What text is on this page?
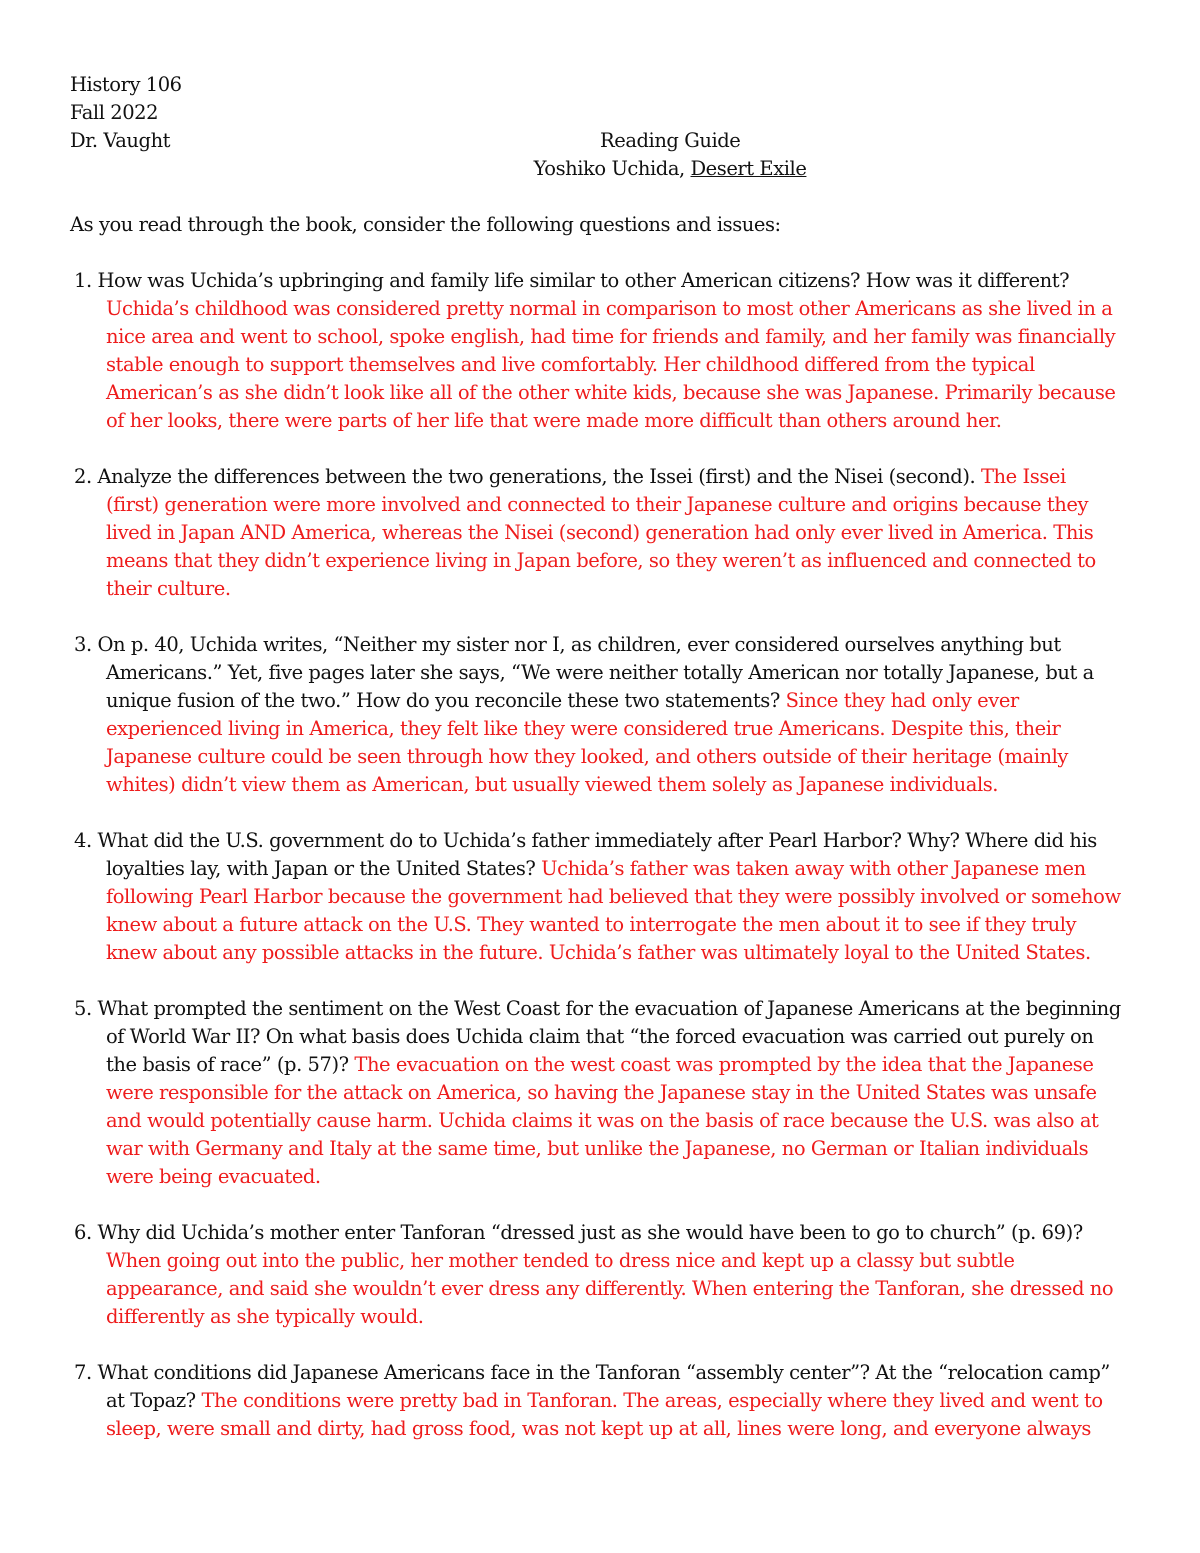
History 106
Fall 2022
Dr. Vaught	Reading Guide
Yoshiko Uchida, Desert Exile
As you read through the book, consider the following questions and issues:
1. How was Uchida’s upbringing and family life similar to other American citizens? How was it different? Uchida’s childhood was considered pretty normal in comparison to most other Americans as she lived in a nice area and went to school, spoke english, had time for friends and family, and her family was financially stable enough to support themselves and live comfortably. Her childhood differed from the typical American’s as she didn’t look like all of the other white kids, because she was Japanese. Primarily because of her looks, there were parts of her life that were made more difficult than others around her.
2. Analyze the differences between the two generations, the Issei (first) and the Nisei (second). The Issei (first) generation were more involved and connected to their Japanese culture and origins because they lived in Japan AND America, whereas the Nisei (second) generation had only ever lived in America. This means that they didn’t experience living in Japan before, so they weren’t as influenced and connected to their culture.
3. On p. 40, Uchida writes, “Neither my sister nor I, as children, ever considered ourselves anything but Americans.” Yet, five pages later she says, “We were neither totally American nor totally Japanese, but a unique fusion of the two.” How do you reconcile these two statements? Since they had only ever experienced living in America, they felt like they were considered true Americans. Despite this, their Japanese culture could be seen through how they looked, and others outside of their heritage (mainly whites) didn’t view them as American, but usually viewed them solely as Japanese individuals.
4. What did the U.S. government do to Uchida’s father immediately after Pearl Harbor? Why? Where did his loyalties lay, with Japan or the United States? Uchida’s father was taken away with other Japanese men following Pearl Harbor because the government had believed that they were possibly involved or somehow knew about a future attack on the U.S. They wanted to interrogate the men about it to see if they truly knew about any possible attacks in the future. Uchida’s father was ultimately loyal to the United States.
5. What prompted the sentiment on the West Coast for the evacuation of Japanese Americans at the beginning of World War II? On what basis does Uchida claim that “the forced evacuation was carried out purely on the basis of race” (p. 57)? The evacuation on the west coast was prompted by the idea that the Japanese were responsible for the attack on America, so having the Japanese stay in the United States was unsafe and would potentially cause harm. Uchida claims it was on the basis of race because the U.S. was also at war with Germany and Italy at the same time, but unlike the Japanese, no German or Italian individuals were being evacuated.
6. Why did Uchida’s mother enter Tanforan “dressed just as she would have been to go to church” (p. 69)? When going out into the public, her mother tended to dress nice and kept up a classy but subtle appearance, and said she wouldn’t ever dress any differently. When entering the Tanforan, she dressed no differently as she typically would.
7. What conditions did Japanese Americans face in the Tanforan “assembly center”? At the “relocation camp” at Topaz? The conditions were pretty bad in Tanforan. The areas, especially where they lived and went to sleep, were small and dirty, had gross food, was not kept up at all, lines were long, and everyone always
